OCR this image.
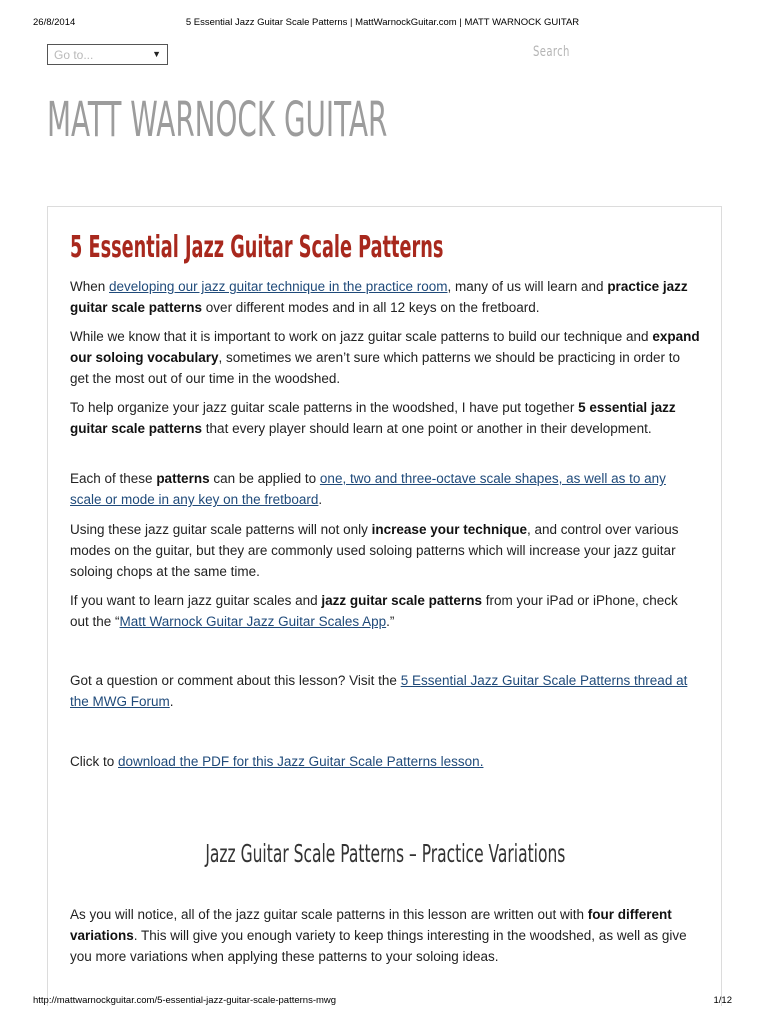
26/8/2014	5 Essential Jazz Guitar Scale Patterns | MattWarnockGuitar.com | MATT WARNOCK GUITAR
Go to...	▼	Search
MATT WARNOCK GUITAR
5 Essential Jazz Guitar Scale Patterns

When developing our jazz guitar technique in the practice room, many of us will learn and practice jazz guitar scale patterns over different modes and in all 12 keys on the fretboard.

While we know that it is important to work on jazz guitar scale patterns to build our technique and expand our soloing vocabulary, sometimes we aren’t sure which patterns we should be practicing in order to get the most out of our time in the woodshed.

To help organize your jazz guitar scale patterns in the woodshed, I have put together 5 essential jazz guitar scale patterns that every player should learn at one point or another in their development.

Each of these patterns can be applied to one, two and three-octave scale shapes, as well as to any scale or mode in any key on the fretboard.

Using these jazz guitar scale patterns will not only increase your technique, and control over various modes on the guitar, but they are commonly used soloing patterns which will increase your jazz guitar soloing chops at the same time.

If you want to learn jazz guitar scales and jazz guitar scale patterns from your iPad or iPhone, check out the “Matt Warnock Guitar Jazz Guitar Scales App.”

Got a question or comment about this lesson? Visit the 5 Essential Jazz Guitar Scale Patterns thread at the MWG Forum.

Click to download the PDF for this Jazz Guitar Scale Patterns lesson.

Jazz Guitar Scale Patterns – Practice Variations

As you will notice, all of the jazz guitar scale patterns in this lesson are written out with four different variations. This will give you enough variety to keep things interesting in the woodshed, as well as give you more variations when applying these patterns to your soloing ideas.

http://mattwarnockguitar.com/5-essential-jazz-guitar-scale-patterns-mwg	1/12
